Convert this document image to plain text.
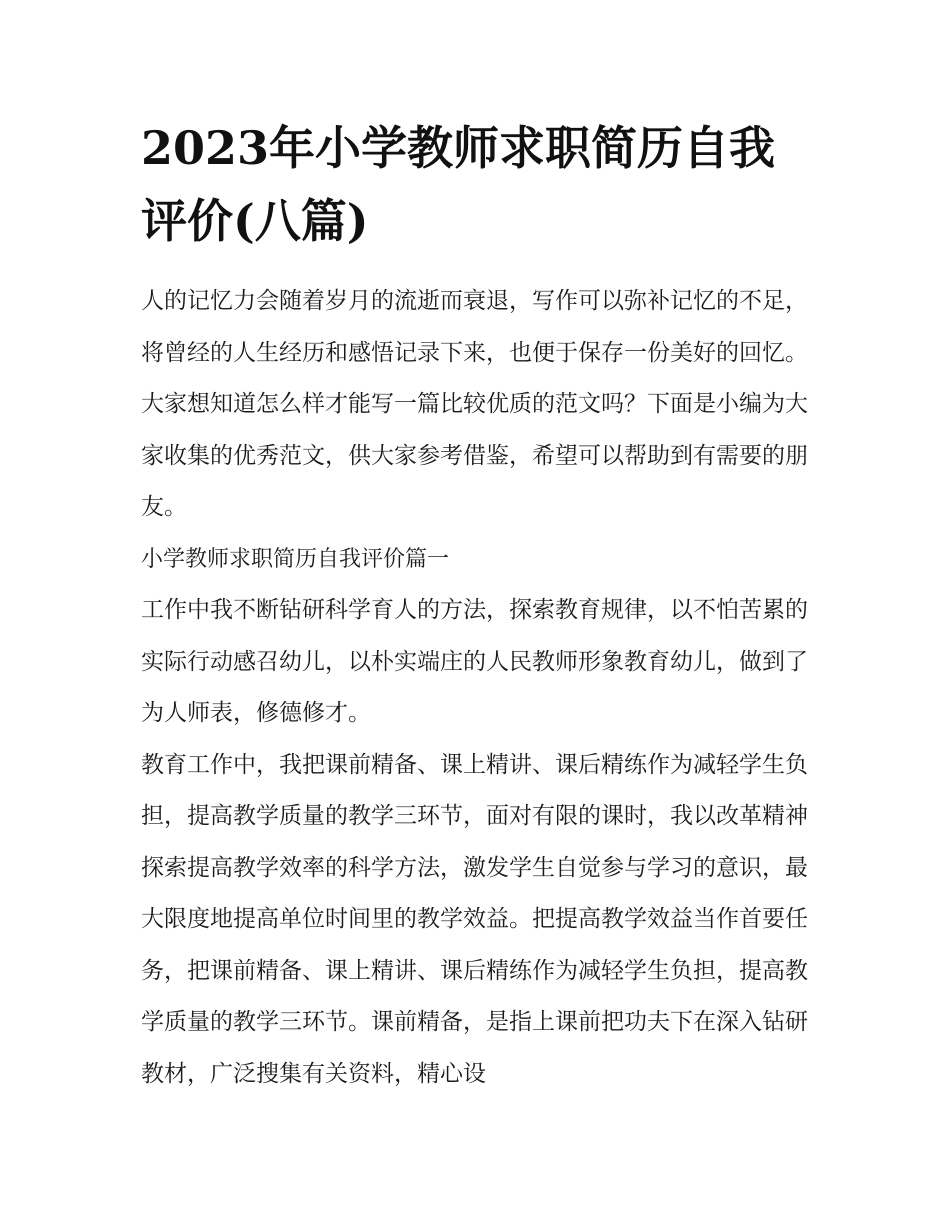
2023年小学教师求职简历自我评价(八篇)

人的记忆力会随着岁月的流逝而衰退，写作可以弥补记忆的不足，将曾经的人生经历和感悟记录下来，也便于保存一份美好的回忆。大家想知道怎么样才能写一篇比较优质的范文吗？下面是小编为大家收集的优秀范文，供大家参考借鉴，希望可以帮助到有需要的朋友。

小学教师求职简历自我评价篇一

工作中我不断钻研科学育人的方法，探索教育规律，以不怕苦累的实际行动感召幼儿，以朴实端庄的人民教师形象教育幼儿，做到了为人师表，修德修才。

教育工作中，我把课前精备、课上精讲、课后精练作为减轻学生负担，提高教学质量的教学三环节，面对有限的课时，我以改革精神探索提高教学效率的科学方法，激发学生自觉参与学习的意识，最大限度地提高单位时间里的教学效益。把提高教学效益当作首要任务，把课前精备、课上精讲、课后精练作为减轻学生负担，提高教学质量的教学三环节。课前精备，是指上课前把功夫下在深入钻研教材，广泛搜集有关资料，精心设
